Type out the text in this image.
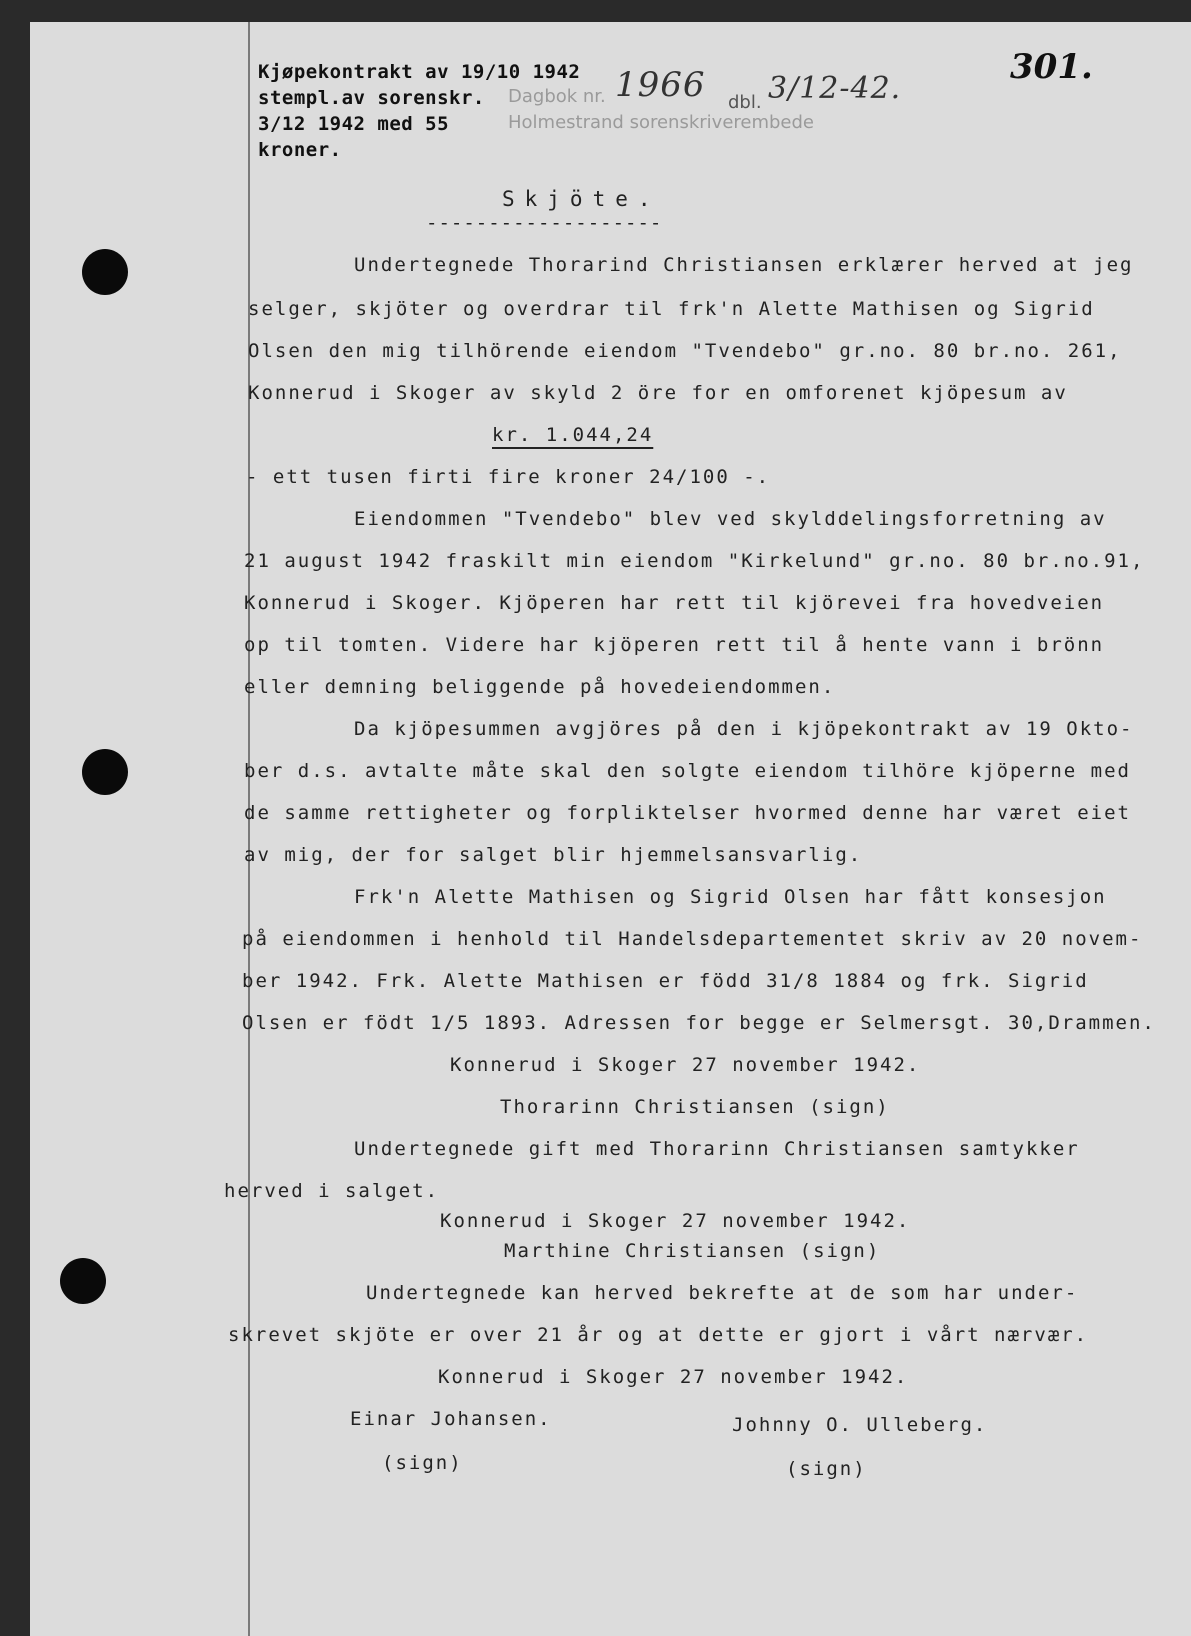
Kjøpekontrakt av 19/10 1942
stempl.av sorenskr.
3/12 1942 med 55
kroner.
Dagbok nr.
Holmestrand sorenskriverembede
1966 dbl. 3/12-42.
301.
Skjöte.
-------------------
Undertegnede Thorarind Christiansen erklærer herved at jeg
selger, skjöter og overdrar til frk'n Alette Mathisen og Sigrid
Olsen den mig tilhörende eiendom "Tvendebo" gr.no. 80 br.no. 261,
Konnerud i Skoger av skyld 2 öre for en omforenet kjöpesum av
kr. 1.044,24
- ett tusen firti fire kroner 24/100 -.
Eiendommen "Tvendebo" blev ved skylddelingsforretning av
21 august 1942 fraskilt min eiendom "Kirkelund" gr.no. 80 br.no.91,
Konnerud i Skoger. Kjöperen har rett til kjörevei fra hovedveien
op til tomten. Videre har kjöperen rett til å hente vann i brönn
eller demning beliggende på hovedeiendommen.
Da kjöpesummen avgjöres på den i kjöpekontrakt av 19 Okto-
ber d.s. avtalte måte skal den solgte eiendom tilhöre kjöperne med
de samme rettigheter og forpliktelser hvormed denne har været eiet
av mig, der for salget blir hjemmelsansvarlig.
Frk'n Alette Mathisen og Sigrid Olsen har fått konsesjon
på eiendommen i henhold til Handelsdepartementet skriv av 20 novem-
ber 1942. Frk. Alette Mathisen er född 31/8 1884 og frk. Sigrid
Olsen er födt 1/5 1893. Adressen for begge er Selmersgt. 30,Drammen.
Konnerud i Skoger 27 november 1942.
Thorarinn Christiansen (sign)
Undertegnede gift med Thorarinn Christiansen samtykker
herved i salget.
Konnerud i Skoger 27 november 1942.
Marthine Christiansen (sign)
Undertegnede kan herved bekrefte at de som har under-
skrevet skjöte er over 21 år og at dette er gjort i vårt nærvær.
Konnerud i Skoger 27 november 1942.
Einar Johansen.	Johnny O. Ulleberg.
(sign)	(sign)
